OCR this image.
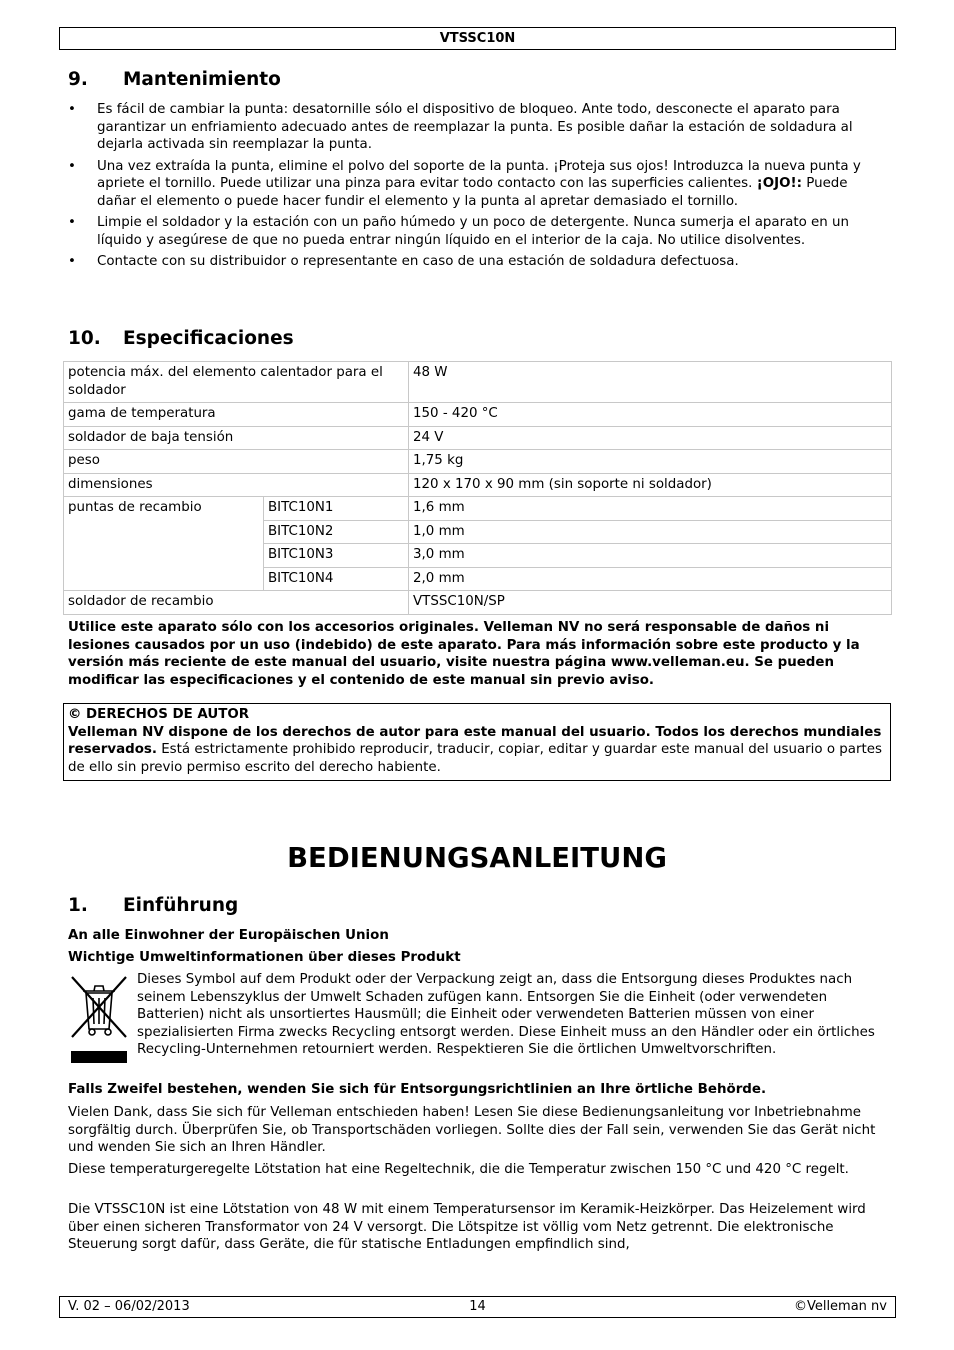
VTSSC10N
9. Mantenimiento
• Es fácil de cambiar la punta: desatornille sólo el dispositivo de bloqueo. Ante todo, desconecte el aparato para garantizar un enfriamiento adecuado antes de reemplazar la punta. Es posible dañar la estación de soldadura al dejarla activada sin reemplazar la punta.
• Una vez extraída la punta, elimine el polvo del soporte de la punta. ¡Proteja sus ojos! Introduzca la nueva punta y apriete el tornillo. Puede utilizar una pinza para evitar todo contacto con las superficies calientes. ¡OJO!: Puede dañar el elemento o puede hacer fundir el elemento y la punta al apretar demasiado el tornillo.
• Limpie el soldador y la estación con un paño húmedo y un poco de detergente. Nunca sumerja el aparato en un líquido y asegúrese de que no pueda entrar ningún líquido en el interior de la caja. No utilice disolventes.
• Contacte con su distribuidor o representante en caso de una estación de soldadura defectuosa.
10. Especificaciones
potencia máx. del elemento calentador para el soldador		48 W
gama de temperatura		150 - 420 °C
soldador de baja tensión		24 V
peso		1,75 kg
dimensiones		120 x 170 x 90 mm (sin soporte ni soldador)
puntas de recambio	BITC10N1	1,6 mm
	BITC10N2	1,0 mm
	BITC10N3	3,0 mm
	BITC10N4	2,0 mm
soldador de recambio		VTSSC10N/SP
Utilice este aparato sólo con los accesorios originales. Velleman NV no será responsable de daños ni lesiones causados por un uso (indebido) de este aparato. Para más información sobre este producto y la versión más reciente de este manual del usuario, visite nuestra página www.velleman.eu. Se pueden modificar las especificaciones y el contenido de este manual sin previo aviso.
© DERECHOS DE AUTOR
Velleman NV dispone de los derechos de autor para este manual del usuario. Todos los derechos mundiales reservados. Está estrictamente prohibido reproducir, traducir, copiar, editar y guardar este manual del usuario o partes de ello sin previo permiso escrito del derecho habiente.
BEDIENUNGSANLEITUNG
1. Einführung

An alle Einwohner der Europäischen Union

Wichtige Umweltinformationen über dieses Produkt

Dieses Symbol auf dem Produkt oder der Verpackung zeigt an, dass die Entsorgung dieses Produktes nach seinem Lebenszyklus der Umwelt Schaden zufügen kann. Entsorgen Sie die Einheit (oder verwendeten Batterien) nicht als unsortiertes Hausmüll; die Einheit oder verwendeten Batterien müssen von einer spezialisierten Firma zwecks Recycling entsorgt werden. Diese Einheit muss an den Händler oder ein örtliches Recycling-Unternehmen retourniert werden. Respektieren Sie die örtlichen Umweltvorschriften.

Falls Zweifel bestehen, wenden Sie sich für Entsorgungsrichtlinien an Ihre örtliche Behörde.

Vielen Dank, dass Sie sich für Velleman entschieden haben! Lesen Sie diese Bedienungsanleitung vor Inbetriebnahme sorgfältig durch. Überprüfen Sie, ob Transportschäden vorliegen. Sollte dies der Fall sein, verwenden Sie das Gerät nicht und wenden Sie sich an Ihren Händler.

Diese temperaturgeregelte Lötstation hat eine Regeltechnik, die die Temperatur zwischen 150 °C und 420 °C regelt.

Die VTSSC10N ist eine Lötstation von 48 W mit einem Temperatursensor im Keramik-Heizkörper. Das Heizelement wird über einen sicheren Transformator von 24 V versorgt. Die Lötspitze ist völlig vom Netz getrennt. Die elektronische Steuerung sorgt dafür, dass Geräte, die für statische Entladungen empfindlich sind,

V. 02 – 06/02/2013	14	©Velleman nv
